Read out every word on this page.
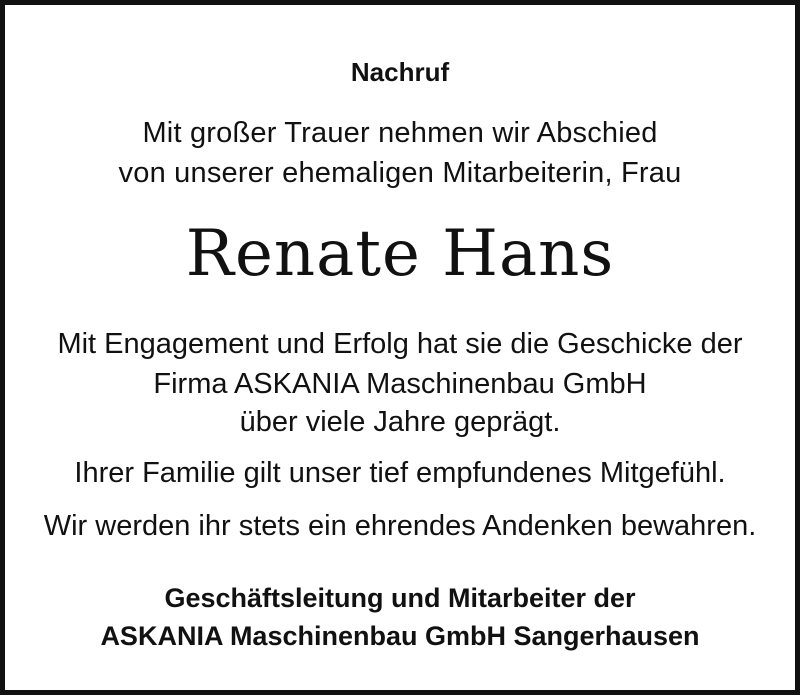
Nachruf
Mit großer Trauer nehmen wir Abschied
von unserer ehemaligen Mitarbeiterin, Frau
Renate Hans
Mit Engagement und Erfolg hat sie die Geschicke der
Firma ASKANIA Maschinenbau GmbH
über viele Jahre geprägt.
Ihrer Familie gilt unser tief empfundenes Mitgefühl.
Wir werden ihr stets ein ehrendes Andenken bewahren.
Geschäftsleitung und Mitarbeiter der
ASKANIA Maschinenbau GmbH Sangerhausen
